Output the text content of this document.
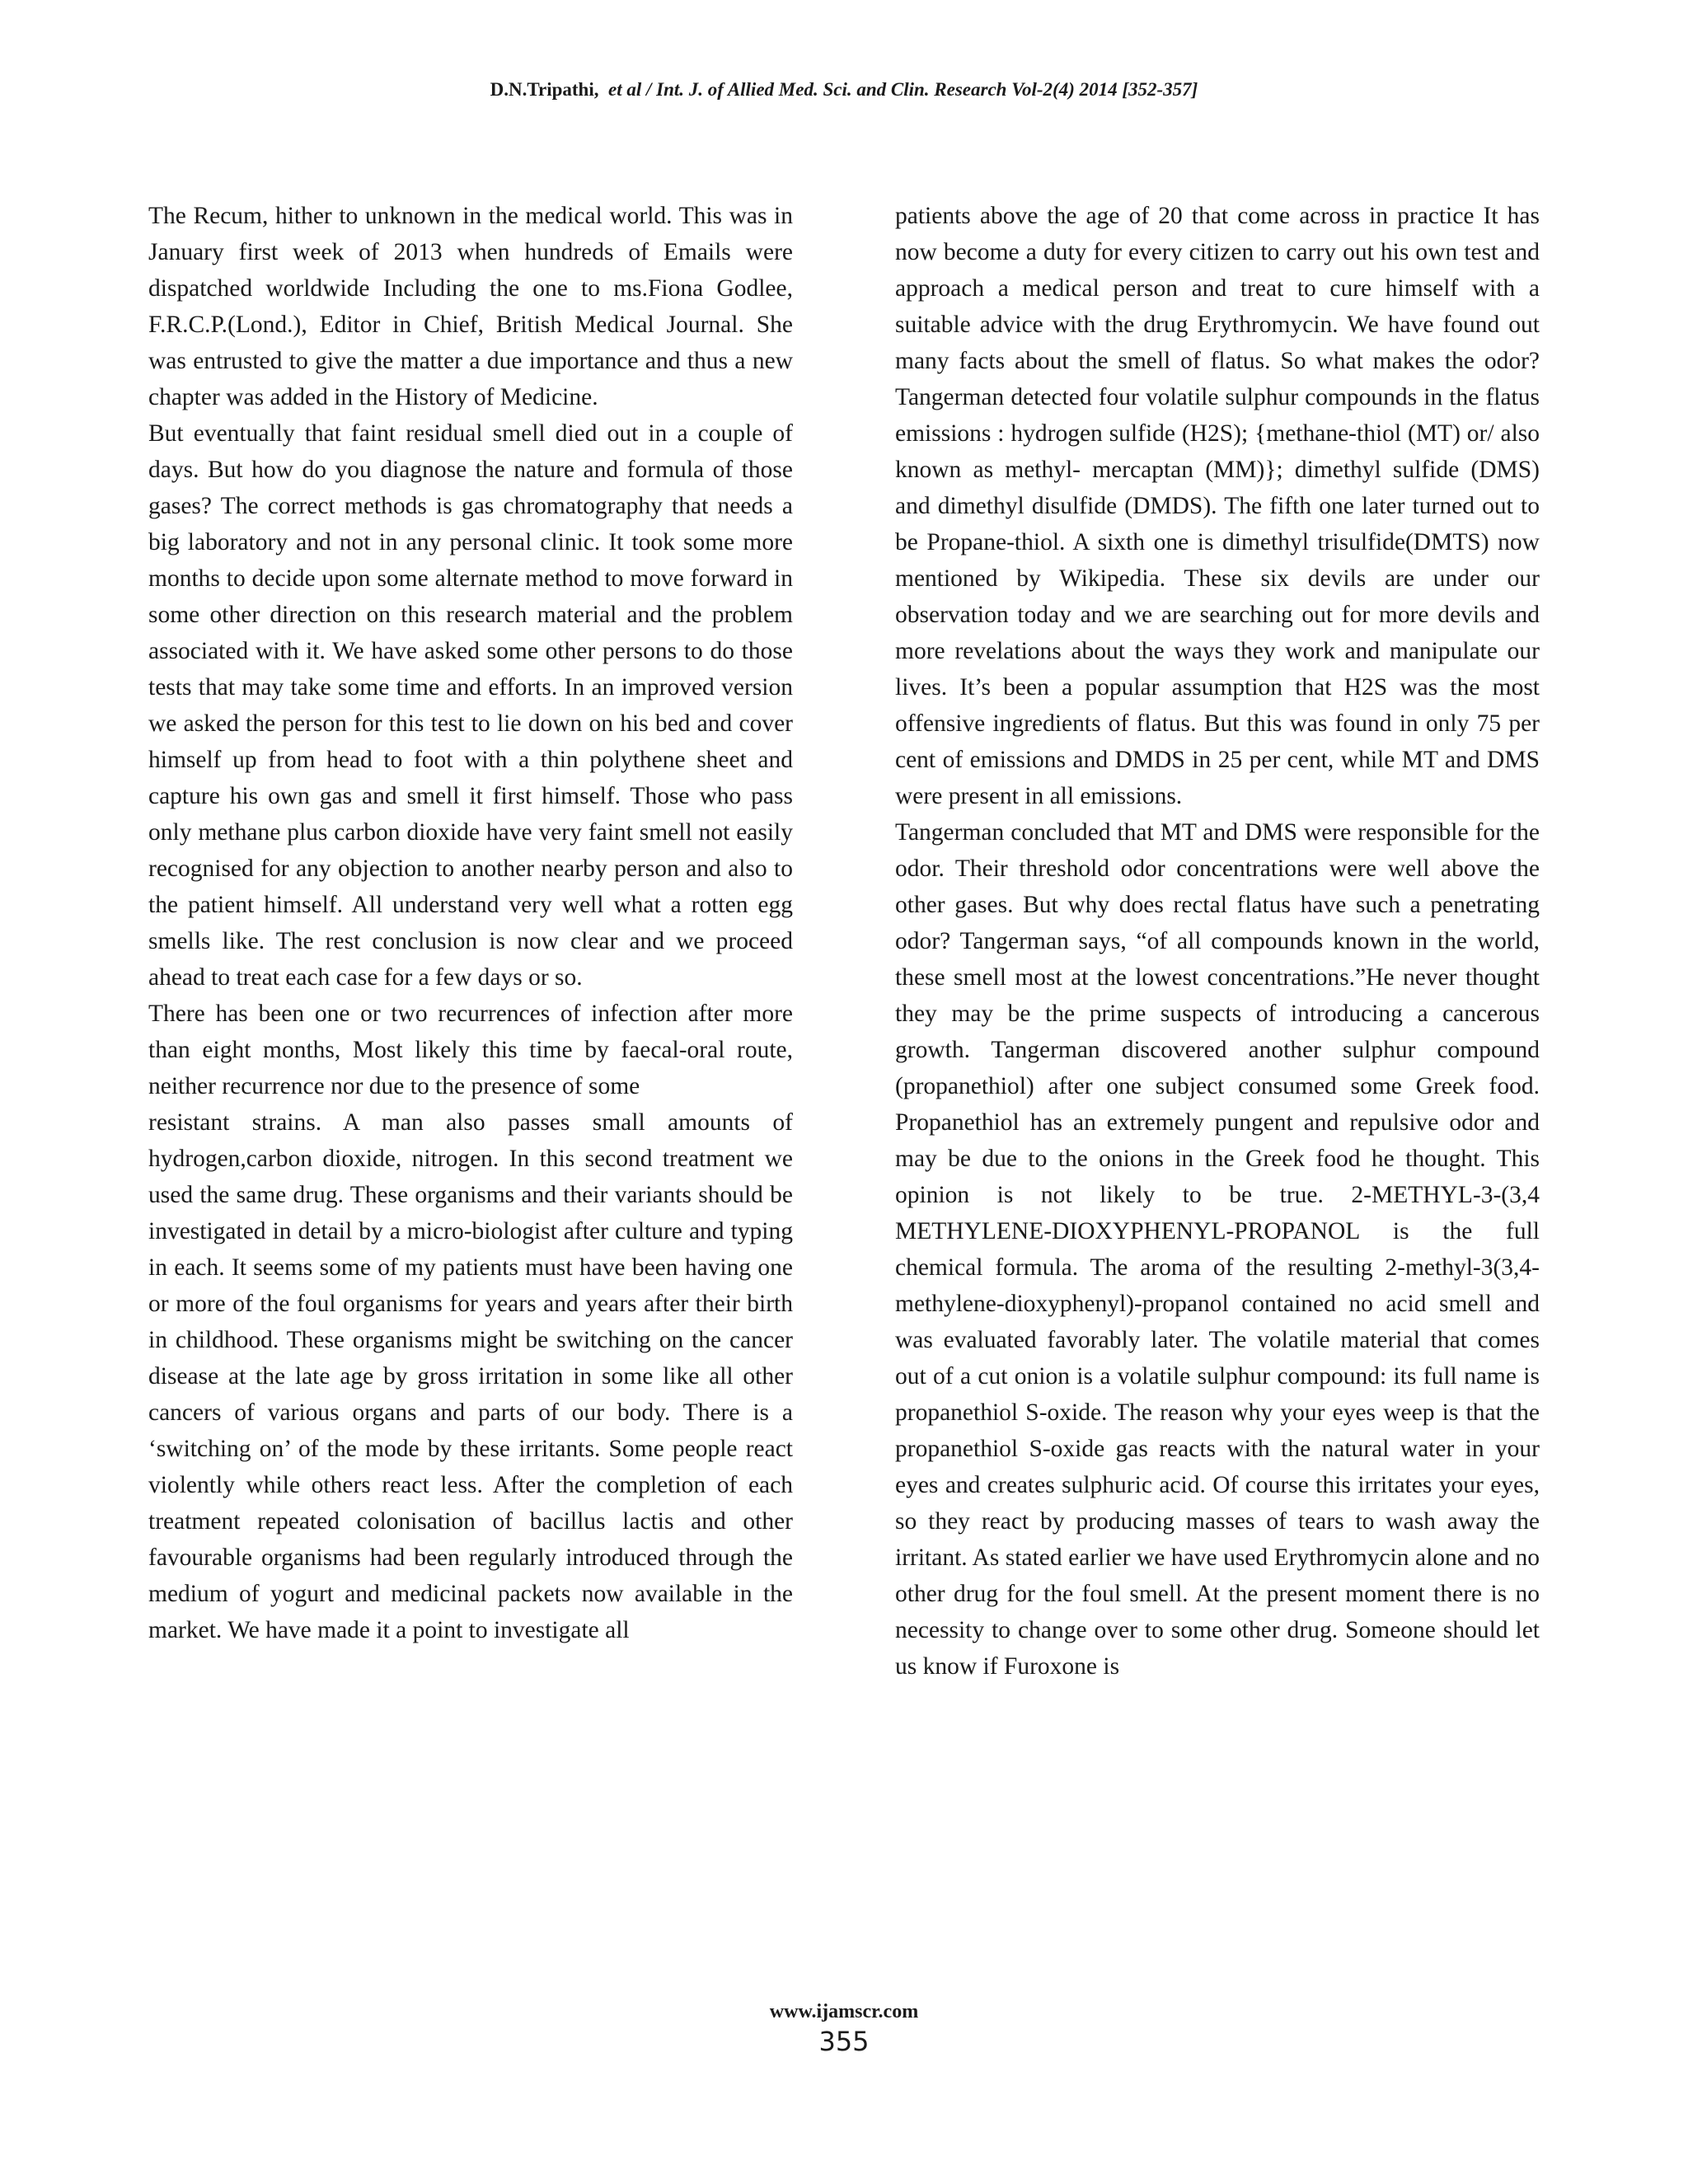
D.N.Tripathi, et al / Int. J. of Allied Med. Sci. and Clin. Research Vol-2(4) 2014 [352-357]

The Recum, hither to unknown in the medical world. This was in January first week of 2013 when hundreds of Emails were dispatched worldwide Including the one to ms.Fiona Godlee, F.R.C.P.(Lond.), Editor in Chief, British Medical Journal. She was entrusted to give the matter a due importance and thus a new chapter was added in the History of Medicine.

But eventually that faint residual smell died out in a couple of days. But how do you diagnose the nature and formula of those gases? The correct methods is gas chromatography that needs a big laboratory and not in any personal clinic. It took some more months to decide upon some alternate method to move forward in some other direction on this research material and the problem associated with it. We have asked some other persons to do those tests that may take some time and efforts. In an improved version we asked the person for this test to lie down on his bed and cover himself up from head to foot with a thin polythene sheet and capture his own gas and smell it first himself. Those who pass only methane plus carbon dioxide have very faint smell not easily recognised for any objection to another nearby person and also to the patient himself. All understand very well what a rotten egg smells like. The rest conclusion is now clear and we proceed ahead to treat each case for a few days or so.

There has been one or two recurrences of infection after more than eight months, Most likely this time by faecal-oral route, neither recurrence nor due to the presence of some

resistant strains. A man also passes small amounts of hydrogen,carbon dioxide, nitrogen. In this second treatment we used the same drug. These organisms and their variants should be investigated in detail by a micro-biologist after culture and typing in each. It seems some of my patients must have been having one or more of the foul organisms for years and years after their birth in childhood. These organisms might be switching on the cancer disease at the late age by gross irritation in some like all other cancers of various organs and parts of our body. There is a ‘switching on’ of the mode by these irritants. Some people react violently while others react less. After the completion of each treatment repeated colonisation of bacillus lactis and other favourable organisms had been regularly introduced through the medium of yogurt and medicinal packets now available in the market. We have made it a point to investigate all

patients above the age of 20 that come across in practice It has now become a duty for every citizen to carry out his own test and approach a medical person and treat to cure himself with a suitable advice with the drug Erythromycin. We have found out many facts about the smell of flatus. So what makes the odor? Tangerman detected four volatile sulphur compounds in the flatus emissions : hydrogen sulfide (H2S); {methane-thiol (MT) or/ also known as methyl- mercaptan (MM)}; dimethyl sulfide (DMS) and dimethyl disulfide (DMDS). The fifth one later turned out to be Propane-thiol. A sixth one is dimethyl trisulfide(DMTS) now mentioned by Wikipedia. These six devils are under our observation today and we are searching out for more devils and more revelations about the ways they work and manipulate our lives. It’s been a popular assumption that H2S was the most offensive ingredients of flatus. But this was found in only 75 per cent of emissions and DMDS in 25 per cent, while MT and DMS were present in all emissions.

Tangerman concluded that MT and DMS were responsible for the odor. Their threshold odor concentrations were well above the other gases. But why does rectal flatus have such a penetrating odor? Tangerman says, “of all compounds known in the world, these smell most at the lowest concentrations.”He never thought they may be the prime suspects of introducing a cancerous growth. Tangerman discovered another sulphur compound (propanethiol) after one subject consumed some Greek food. Propanethiol has an extremely pungent and repulsive odor and may be due to the onions in the Greek food he thought. This opinion is not likely to be true. 2-METHYL-3-(3,4 METHYLENE-DIOXYPHENYL-PROPANOL is the full chemical formula. The aroma of the resulting 2-methyl-3(3,4-methylene-dioxyphenyl)-propanol contained no acid smell and was evaluated favorably later. The volatile material that comes out of a cut onion is a volatile sulphur compound: its full name is propanethiol S-oxide. The reason why your eyes weep is that the propanethiol S-oxide gas reacts with the natural water in your eyes and creates sulphuric acid. Of course this irritates your eyes, so they react by producing masses of tears to wash away the irritant. As stated earlier we have used Erythromycin alone and no other drug for the foul smell. At the present moment there is no necessity to change over to some other drug. Someone should let us know if Furoxone is

www.ijamscr.com
355
